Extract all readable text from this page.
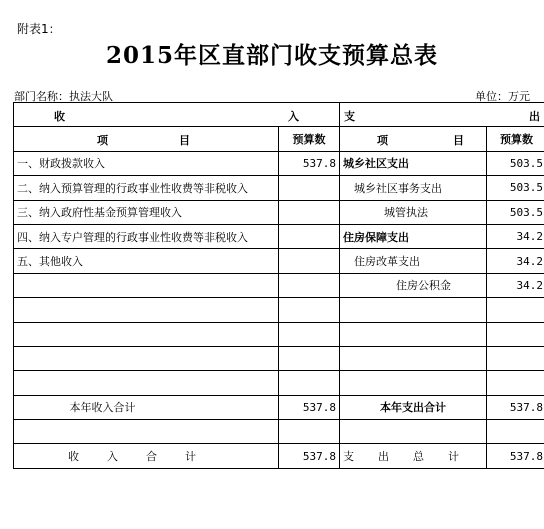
附表1：
2015年区直部门收支预算总表
部门名称：执法大队	单位：万元
收 入		支 出	

项 目	预算数	项 目	预算数
一、财政拨款收入	537.8	城乡社区支出	503.5
二、纳入预算管理的行政事业性收费等非税收入		城乡社区事务支出	503.5
三、纳入政府性基金预算管理收入		城管执法	503.5
四、纳入专户管理的行政事业性收费等非税收入		住房保障支出	34.2
五、其他收入		住房改革支出	34.2
		住房公积金	34.2

本年收入合计	537.8	本年支出合计	537.8

收入合计	537.8	支出总计	537.8
